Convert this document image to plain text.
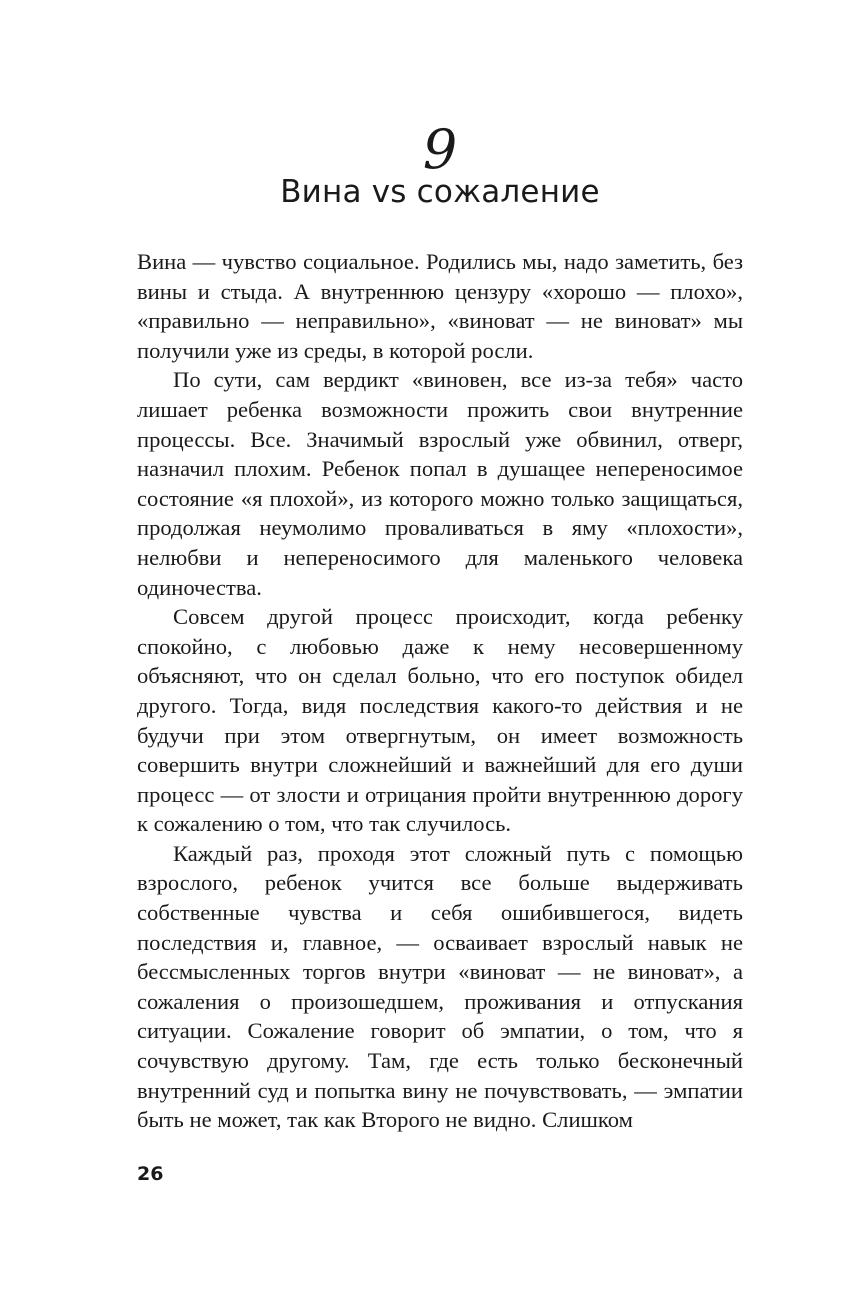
9
Вина vs сожаление

Вина — чувство социальное. Родились мы, надо заметить, без вины и стыда. А внутреннюю цензуру «хорошо — плохо», «правильно — неправильно», «виноват — не виноват» мы получили уже из среды, в которой росли.

По сути, сам вердикт «виновен, все из-за тебя» часто лишает ребенка возможности прожить свои внутренние процессы. Все. Значимый взрослый уже обвинил, отверг, назначил плохим. Ребенок попал в душащее непереносимое состояние «я плохой», из которого можно только защищаться, продолжая неумолимо проваливаться в яму «плохости», нелюбви и непереносимого для маленького человека одиночества.

Совсем другой процесс происходит, когда ребенку спокойно, с любовью даже к нему несовершенному объясняют, что он сделал больно, что его поступок обидел другого. Тогда, видя последствия какого-то действия и не будучи при этом отвергнутым, он имеет возможность совершить внутри сложнейший и важнейший для его души процесс — от злости и отрицания пройти внутреннюю дорогу к сожалению о том, что так случилось.

Каждый раз, проходя этот сложный путь с помощью взрослого, ребенок учится все больше выдерживать собственные чувства и себя ошибившегося, видеть последствия и, главное, — осваивает взрослый навык не бессмысленных торгов внутри «виноват — не виноват», а сожаления о произошедшем, проживания и отпускания ситуации. Сожаление говорит об эмпатии, о том, что я сочувствую другому. Там, где есть только бесконечный внутренний суд и попытка вину не почувствовать, — эмпатии быть не может, так как Второго не видно. Слишком

26
